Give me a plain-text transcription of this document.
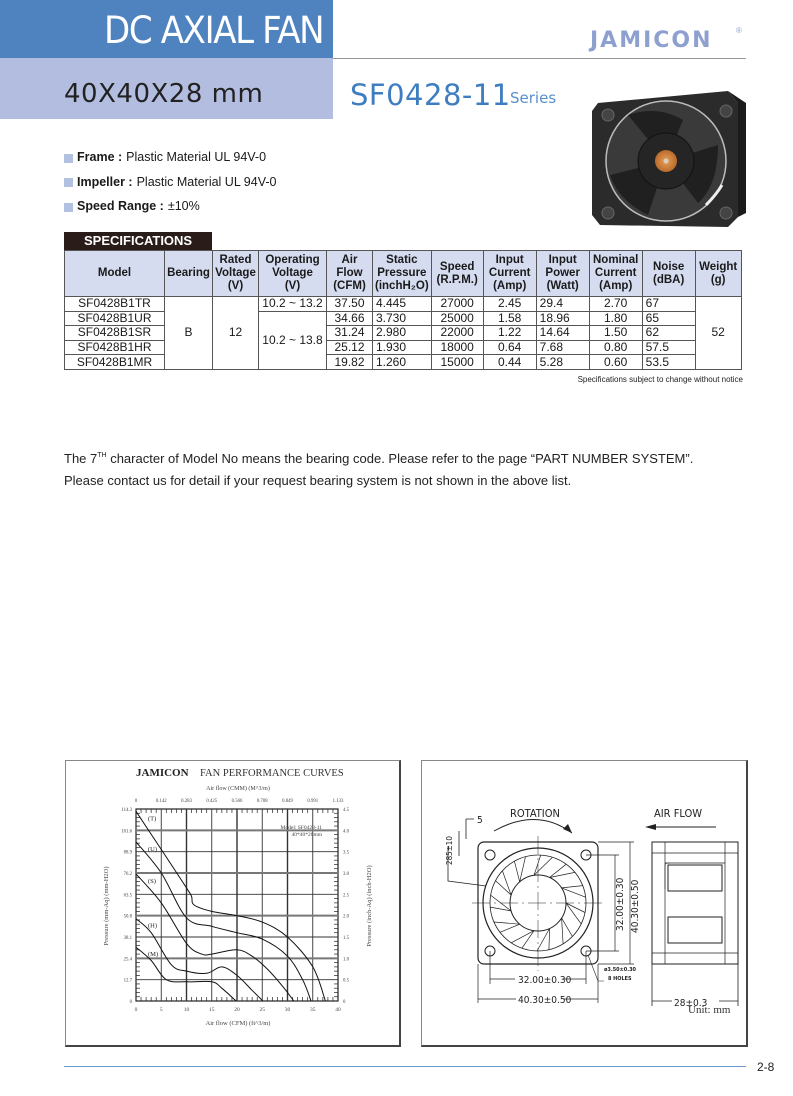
DC AXIAL FAN
40X40X28 mm
JAMICON	®
SF0428-11 Series
Frame : Plastic Material UL 94V-0
Impeller : Plastic Material UL 94V-0
Speed Range : ±10%
SPECIFICATIONS
Model	Bearing	Rated
Voltage
(V)	Operating
Voltage
(V)	Air
Flow
(CFM)	Static
Pressure
(inchH₂O)	Speed
(R.P.M.)	Input
Current
(Amp)	Input
Power
(Watt)	Nominal
Current
(Amp)	Noise
(dBA)	Weight
(g)
SF0428B1TR	B	12	10.2 ~ 13.2	37.50	4.445	27000	2.45	29.4	2.70	67	52
SF0428B1UR			10.2 ~ 13.8	34.66	3.730	25000	1.58	18.96	1.80	65	
SF0428B1SR				31.24	2.980	22000	1.22	14.64	1.50	62	
SF0428B1HR				25.12	1.930	18000	0.64	7.68	0.80	57.5	
SF0428B1MR				19.82	1.260	15000	0.44	5.28	0.60	53.5	
Specifications subject to change without notice
The 7TH character of Model No means the bearing code. Please refer to the page “PART NUMBER SYSTEM”.
Please contact us for detail if your request bearing system is not shown in the above list.
JAMICON FAN PERFORMANCE CURVES
Air flow (CMM) (M^3/m)
0	5	10	15	20	25	30	35	40
0	0.142	0.283	0.425	0.566	0.708	0.849	0.991	1.133
0
12.7
25.4
38.1
50.8
63.5
76.2
88.9
101.6
114.3
0
0.5
1.0
1.5
2.0
2.5
3.0
3.5
4.0
4.5
(T)
(U)
(S)
(H)
(M)
Model: SF0428-11
40*40*28mm
Air flow (CFM) (ft^3/m)
Pressure (mm-Aq) (mm-H2O)	Pressure (inch-Aq) (inch-H2O)
ROTATION
5
285±10
32.00±0.30 40.30±0.50
32.00±0.30
40.30±0.50
ø3.50±0.30
8 HOLES
AIR FLOW
28±0.3
Unit: mm
2-8
